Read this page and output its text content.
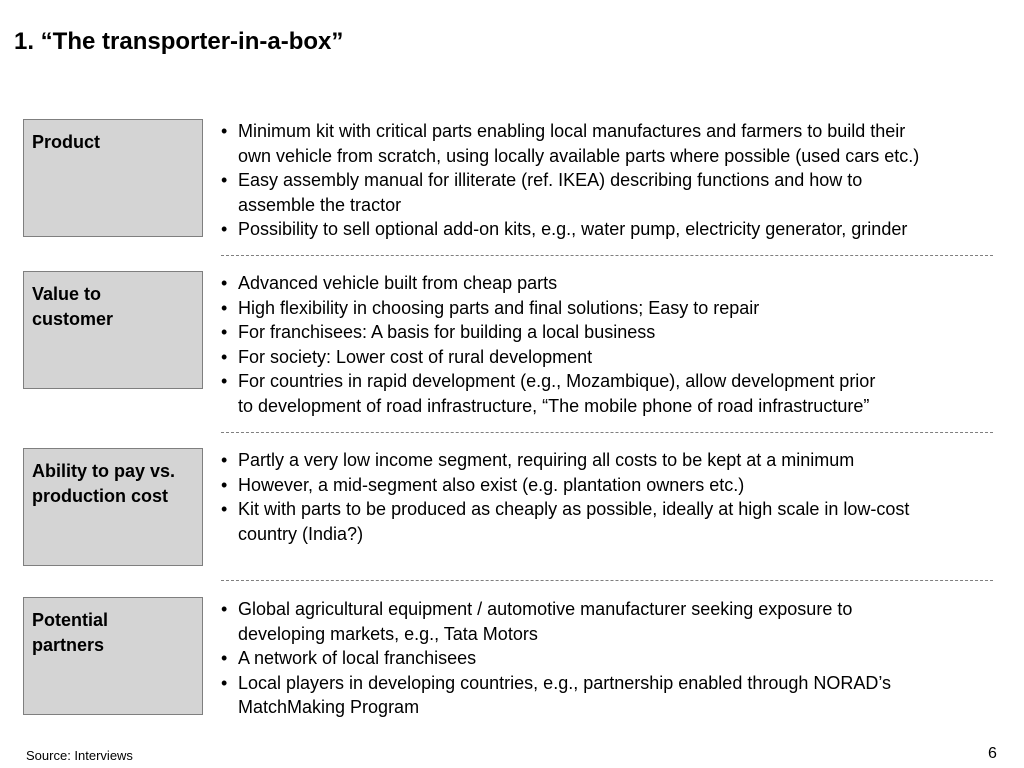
1. “The transporter-in-a-box”
Product
• Minimum kit with critical parts enabling local manufactures and farmers to build their
own vehicle from scratch, using locally available parts where possible (used cars etc.)
• Easy assembly manual for illiterate (ref. IKEA) describing functions and how to
assemble the tractor
• Possibility to sell optional add-on kits, e.g., water pump, electricity generator, grinder
Value to
customer
• Advanced vehicle built from cheap parts
• High flexibility in choosing parts and final solutions; Easy to repair
• For franchisees: A basis for building a local business
• For society: Lower cost of rural development
• For countries in rapid development (e.g., Mozambique), allow development prior
to development of road infrastructure, “The mobile phone of road infrastructure”
Ability to pay vs.
production cost
• Partly a very low income segment, requiring all costs to be kept at a minimum
• However, a mid-segment also exist (e.g. plantation owners etc.)
• Kit with parts to be produced as cheaply as possible, ideally at high scale in low-cost
country (India?)
Potential
partners
• Global agricultural equipment / automotive manufacturer seeking exposure to
developing markets, e.g., Tata Motors
• A network of local franchisees
• Local players in developing countries, e.g., partnership enabled through NORAD’s
MatchMaking Program
Source: Interviews	6
